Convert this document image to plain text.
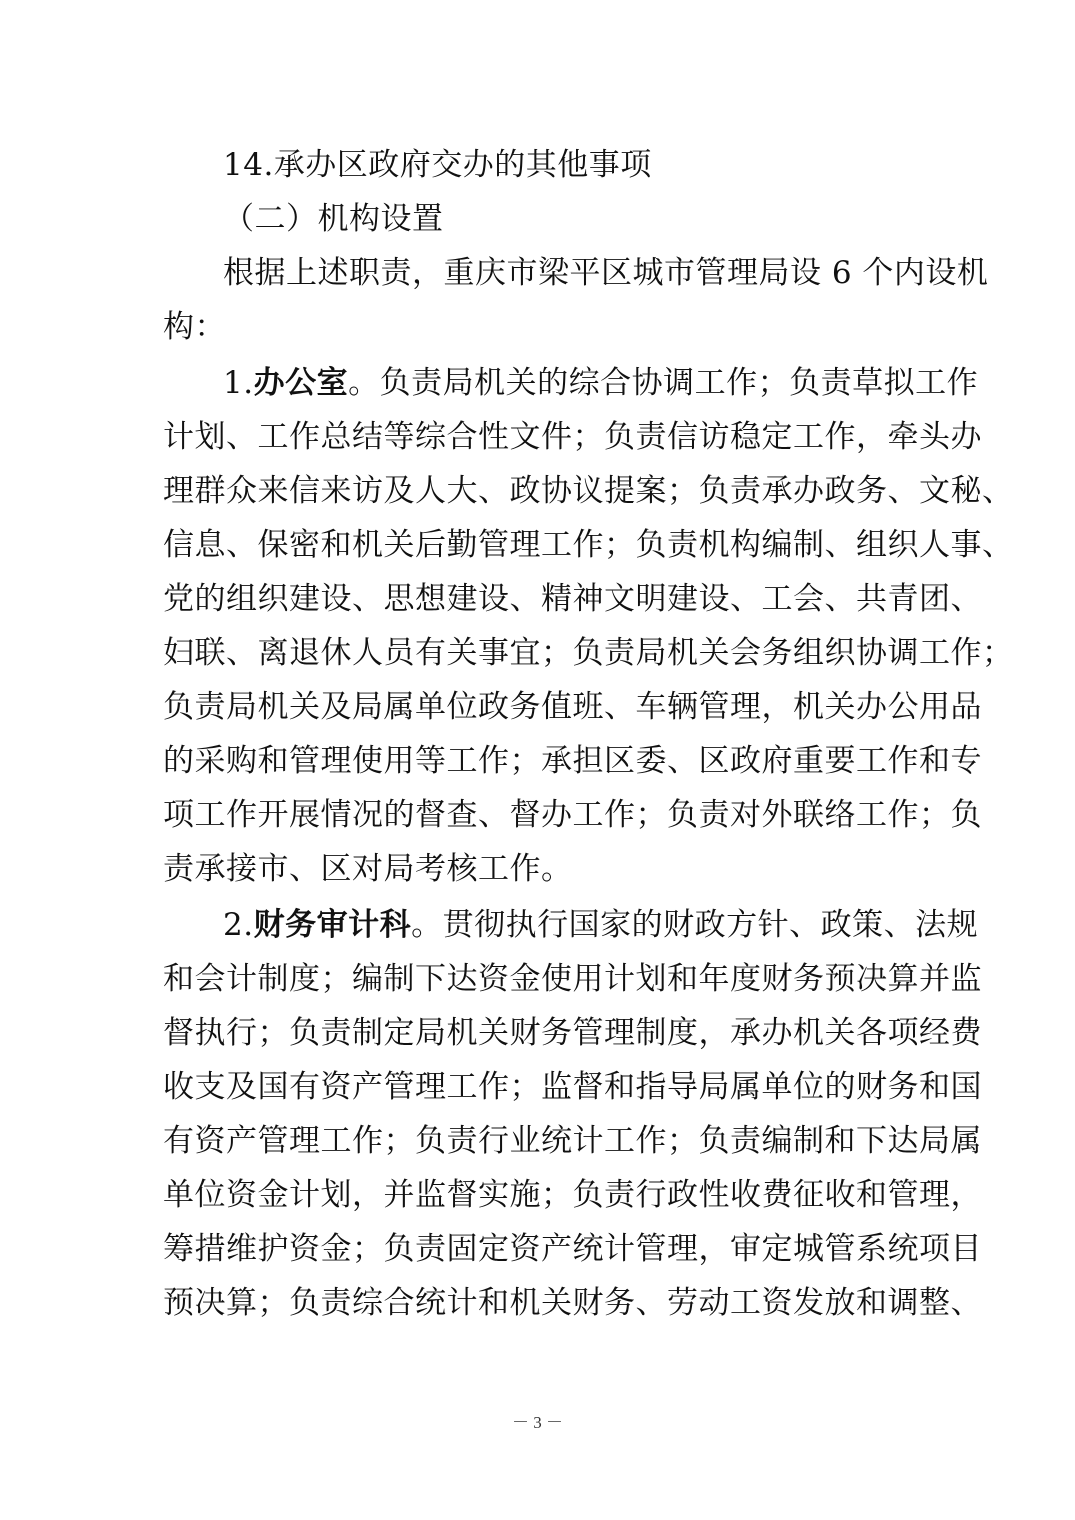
14.承办区政府交办的其他事项
（二）机构设置
根据上述职责，重庆市梁平区城市管理局设 6 个内设机
构：
1.办公室。负责局机关的综合协调工作；负责草拟工作
计划、工作总结等综合性文件；负责信访稳定工作，牵头办
理群众来信来访及人大、政协议提案；负责承办政务、文秘、
信息、保密和机关后勤管理工作；负责机构编制、组织人事、
党的组织建设、思想建设、精神文明建设、工会、共青团、
妇联、离退休人员有关事宜；负责局机关会务组织协调工作；
负责局机关及局属单位政务值班、车辆管理，机关办公用品
的采购和管理使用等工作；承担区委、区政府重要工作和专
项工作开展情况的督查、督办工作；负责对外联络工作；负
责承接市、区对局考核工作。
2.财务审计科。贯彻执行国家的财政方针、政策、法规
和会计制度；编制下达资金使用计划和年度财务预决算并监
督执行；负责制定局机关财务管理制度，承办机关各项经费
收支及国有资产管理工作；监督和指导局属单位的财务和国
有资产管理工作；负责行业统计工作；负责编制和下达局属
单位资金计划，并监督实施；负责行政性收费征收和管理，
筹措维护资金；负责固定资产统计管理，审定城管系统项目
预决算；负责综合统计和机关财务、劳动工资发放和调整、
－ 3 －
